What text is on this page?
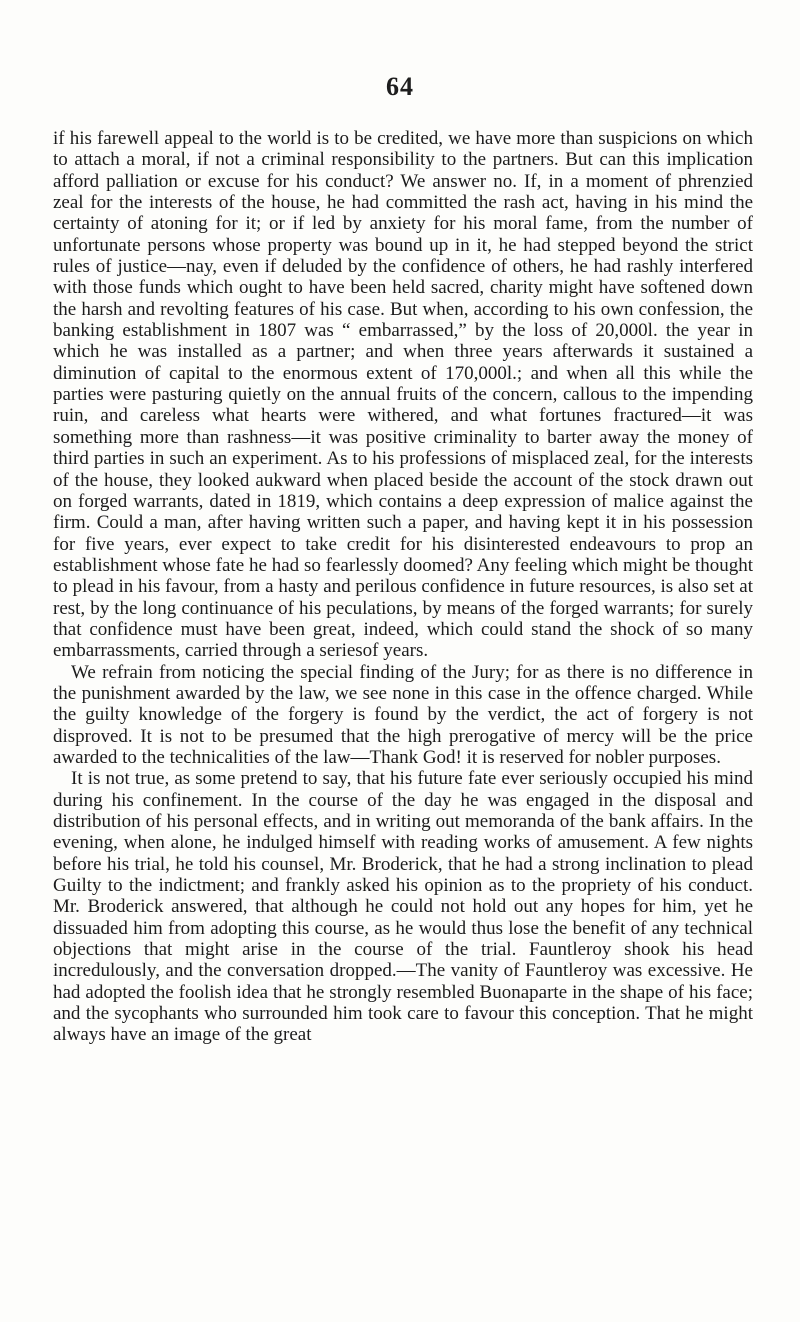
64

if his farewell appeal to the world is to be credited, we have more than suspicions on which to attach a moral, if not a criminal responsibility to the partners. But can this implication afford palliation or excuse for his conduct? We answer no. If, in a moment of phrenzied zeal for the interests of the house, he had committed the rash act, having in his mind the certainty of atoning for it; or if led by anxiety for his moral fame, from the number of unfortunate persons whose property was bound up in it, he had stepped beyond the strict rules of justice—nay, even if deluded by the confidence of others, he had rashly interfered with those funds which ought to have been held sacred, charity might have softened down the harsh and revolting features of his case. But when, according to his own confession, the banking establishment in 1807 was “ embarrassed,” by the loss of 20,000l. the year in which he was installed as a partner; and when three years afterwards it sustained a diminution of capital to the enormous extent of 170,000l.; and when all this while the parties were pasturing quietly on the annual fruits of the concern, callous to the impending ruin, and careless what hearts were withered, and what fortunes fractured—it was something more than rashness—it was positive criminality to barter away the money of third parties in such an experiment. As to his professions of misplaced zeal, for the interests of the house, they looked aukward when placed beside the account of the stock drawn out on forged warrants, dated in 1819, which contains a deep expression of malice against the firm. Could a man, after having written such a paper, and having kept it in his possession for five years, ever expect to take credit for his disinterested endeavours to prop an establishment whose fate he had so fearlessly doomed? Any feeling which might be thought to plead in his favour, from a hasty and perilous confidence in future resources, is also set at rest, by the long continuance of his peculations, by means of the forged warrants; for surely that confidence must have been great, indeed, which could stand the shock of so many embarrassments, carried through a seriesof years.

We refrain from noticing the special finding of the Jury; for as there is no difference in the punishment awarded by the law, we see none in this case in the offence charged. While the guilty knowledge of the forgery is found by the verdict, the act of forgery is not disproved. It is not to be presumed that the high prerogative of mercy will be the price awarded to the technicalities of the law—Thank God! it is reserved for nobler purposes.

It is not true, as some pretend to say, that his future fate ever seriously occupied his mind during his confinement. In the course of the day he was engaged in the disposal and distribution of his personal effects, and in writing out memoranda of the bank affairs. In the evening, when alone, he indulged himself with reading works of amusement. A few nights before his trial, he told his counsel, Mr. Broderick, that he had a strong inclination to plead Guilty to the indictment; and frankly asked his opinion as to the propriety of his conduct. Mr. Broderick answered, that although he could not hold out any hopes for him, yet he dissuaded him from adopting this course, as he would thus lose the benefit of any technical objections that might arise in the course of the trial. Fauntleroy shook his head incredulously, and the conversation dropped.—The vanity of Fauntleroy was excessive. He had adopted the foolish idea that he strongly resembled Buonaparte in the shape of his face; and the sycophants who surrounded him took care to favour this conception. That he might always have an image of the great
